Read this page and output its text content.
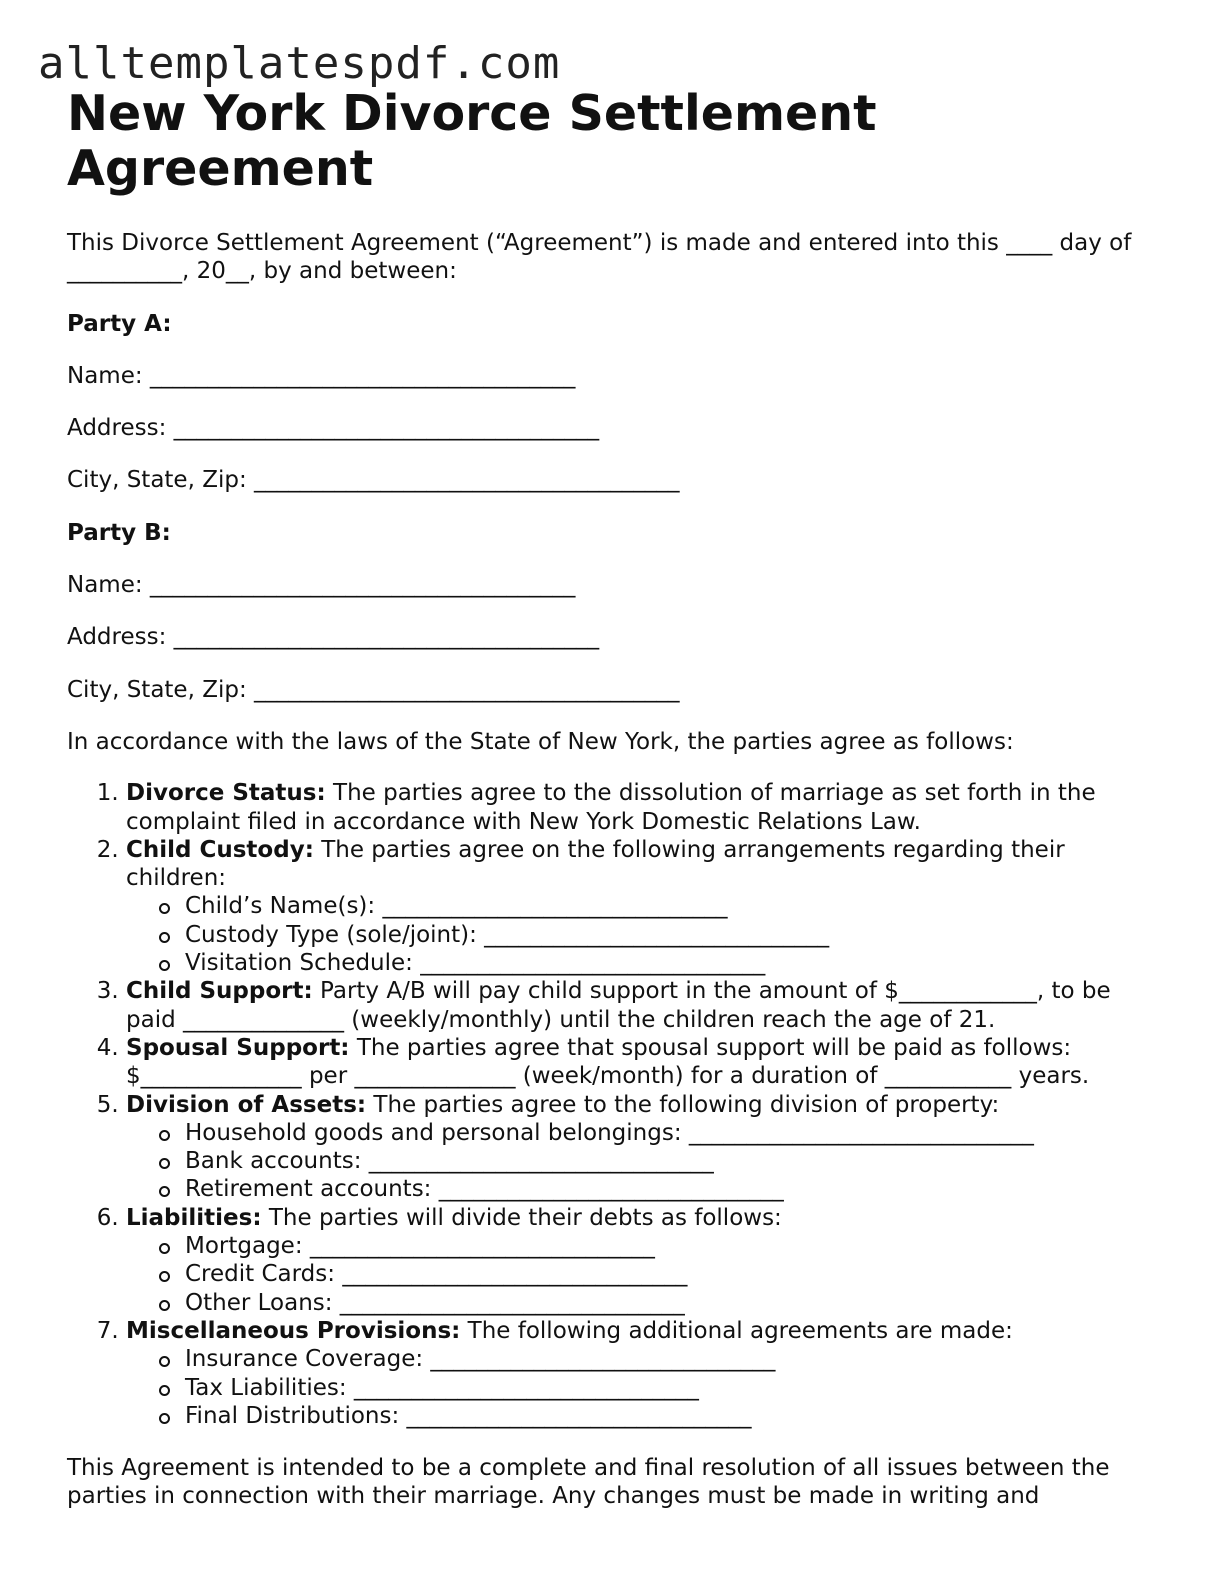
alltemplatespdf.com
New York Divorce Settlement Agreement

This Divorce Settlement Agreement (“Agreement”) is made and entered into this ____ day of __________, 20__, by and between:

Party A:

Name: _____________________________________

Address: _____________________________________

City, State, Zip: _____________________________________

Party B:

Name: _____________________________________

Address: _____________________________________

City, State, Zip: _____________________________________

In accordance with the laws of the State of New York, the parties agree as follows:

1. Divorce Status: The parties agree to the dissolution of marriage as set forth in the complaint filed in accordance with New York Domestic Relations Law.
2. Child Custody: The parties agree on the following arrangements regarding their children:
Child’s Name(s): ______________________________
Custody Type (sole/joint): ______________________________
Visitation Schedule: ______________________________
3. Child Support: Party A/B will pay child support in the amount of $____________, to be paid ______________ (weekly/monthly) until the children reach the age of 21.
4. Spousal Support: The parties agree that spousal support will be paid as follows: $______________ per ______________ (week/month) for a duration of ___________ years.
5. Division of Assets: The parties agree to the following division of property:
Household goods and personal belongings: ______________________________
Bank accounts: ______________________________
Retirement accounts: ______________________________
6. Liabilities: The parties will divide their debts as follows:
Mortgage: ______________________________
Credit Cards: ______________________________
Other Loans: ______________________________
7. Miscellaneous Provisions: The following additional agreements are made:
Insurance Coverage: ______________________________
Tax Liabilities: ______________________________
Final Distributions: ______________________________

This Agreement is intended to be a complete and final resolution of all issues between the parties in connection with their marriage. Any changes must be made in writing and
